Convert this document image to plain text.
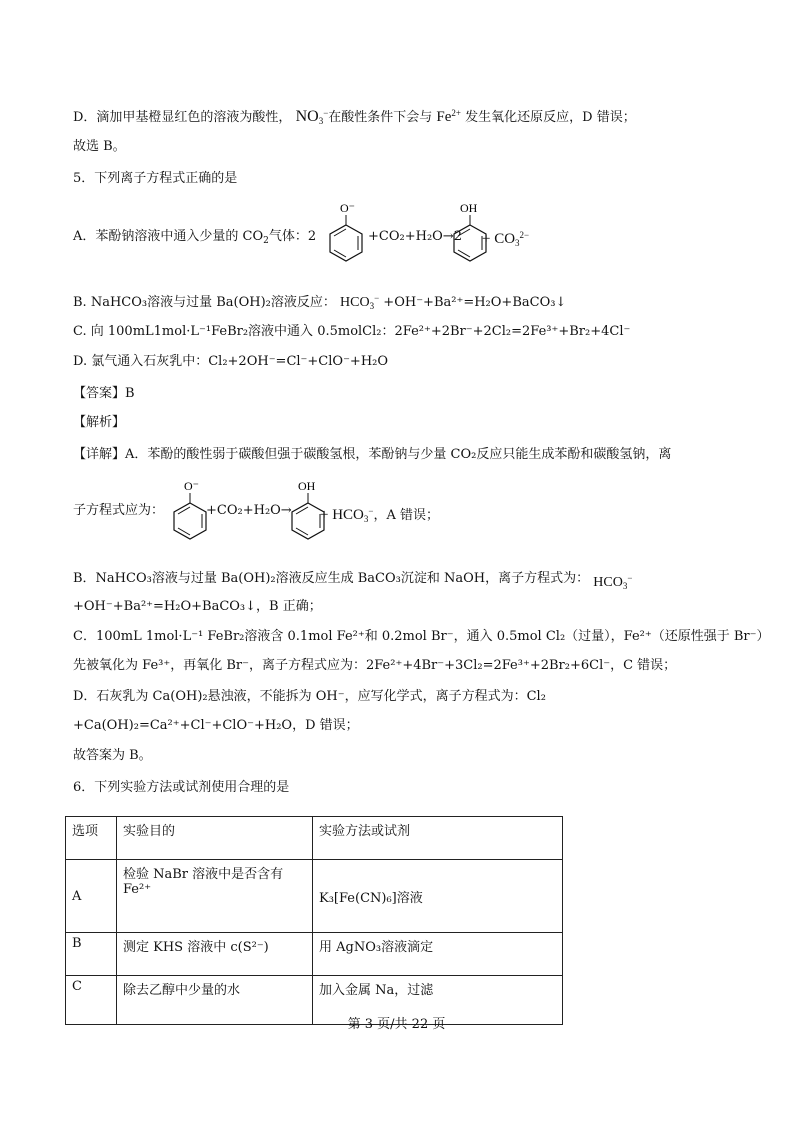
D．滴加甲基橙显红色的溶液为酸性， $NO_3^-$在酸性条件下会与 $Fe^{2+}$ 发生氧化还原反应，D 错误；
故选 B。
5．下列离子方程式正确的是
A．苯酚钠溶液中通入少量的 $CO_2$气体：2
O⁻
+CO₂+H₂O→2
OH
+ $CO_3^{2-}$
B. NaHCO₃溶液与过量 Ba(OH)₂溶液反应： $HCO_3^-$ +OH⁻+Ba²⁺=H₂O+BaCO₃↓
C. 向 100mL1mol·L⁻¹FeBr₂溶液中通入 0.5molCl₂：2Fe²⁺+2Br⁻+2Cl₂=2Fe³⁺+Br₂+4Cl⁻
D. 氯气通入石灰乳中：Cl₂+2OH⁻=Cl⁻+ClO⁻+H₂O
【答案】B
【解析】
【详解】A．苯酚的酸性弱于碳酸但强于碳酸氢根，苯酚钠与少量 CO₂反应只能生成苯酚和碳酸氢钠，离
子方程式应为：
O⁻
+CO₂+H₂O→
OH
+ $HCO_3^-$，A 错误；
B．NaHCO₃溶液与过量 Ba(OH)₂溶液反应生成 BaCO₃沉淀和 NaOH，离子方程式为： $HCO_3^-$
+OH⁻+Ba²⁺=H₂O+BaCO₃↓，B 正确；
C．100mL 1mol·L⁻¹ FeBr₂溶液含 0.1mol Fe²⁺和 0.2mol Br⁻，通入 0.5mol Cl₂（过量），Fe²⁺（还原性强于 Br⁻）
先被氧化为 Fe³⁺，再氧化 Br⁻，离子方程式应为：2Fe²⁺+4Br⁻+3Cl₂=2Fe³⁺+2Br₂+6Cl⁻，C 错误；
D．石灰乳为 Ca(OH)₂悬浊液，不能拆为 OH⁻，应写化学式，离子方程式为：Cl₂
+Ca(OH)₂=Ca²⁺+Cl⁻+ClO⁻+H₂O，D 错误；
故答案为 B。
6．下列实验方法或试剂使用合理的是
选项	实验目的	实验方法或试剂
A	检验 NaBr 溶液中是否含有 Fe²⁺	K₃[Fe(CN)₆]溶液
B	测定 KHS 溶液中 c(S²⁻)	用 AgNO₃溶液滴定
C	除去乙醇中少量的水	加入金属 Na，过滤
第 3 页/共 22 页
